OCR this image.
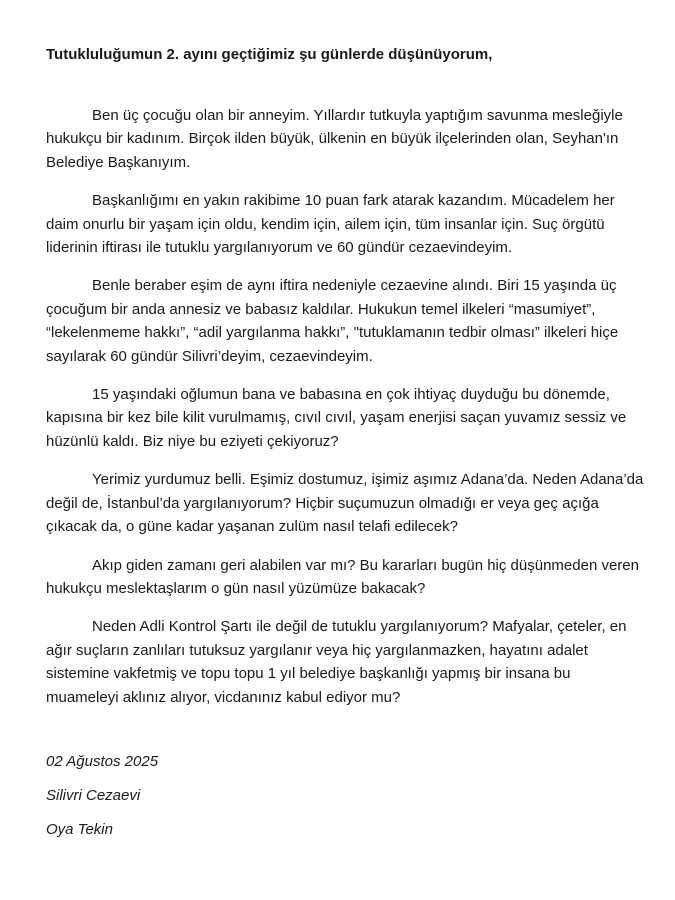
Tutukluluğumun 2. ayını geçtiğimiz şu günlerde düşünüyorum,

Ben üç çocuğu olan bir anneyim. Yıllardır tutkuyla yaptığım savunma mesleğiyle hukukçu bir kadınım. Birçok ilden büyük, ülkenin en büyük ilçelerinden olan, Seyhan'ın Belediye Başkanıyım.

Başkanlığımı en yakın rakibime 10 puan fark atarak kazandım. Mücadelem her daim onurlu bir yaşam için oldu, kendim için, ailem için, tüm insanlar için. Suç örgütü liderinin iftirası ile tutuklu yargılanıyorum ve 60 gündür cezaevindeyim.

Benle beraber eşim de aynı iftira nedeniyle cezaevine alındı. Biri 15 yaşında üç çocuğum bir anda annesiz ve babasız kaldılar. Hukukun temel ilkeleri “masumiyet”, “lekelenmeme hakkı”, “adil yargılanma hakkı”, "tutuklamanın tedbir olması” ilkeleri hiçe sayılarak 60 gündür Silivri’deyim, cezaevindeyim.

15 yaşındaki oğlumun bana ve babasına en çok ihtiyaç duyduğu bu dönemde, kapısına bir kez bile kilit vurulmamış, cıvıl cıvıl, yaşam enerjisi saçan yuvamız sessiz ve hüzünlü kaldı. Biz niye bu eziyeti çekiyoruz?

Yerimiz yurdumuz belli. Eşimiz dostumuz, işimiz aşımız Adana’da. Neden Adana’da değil de, İstanbul’da yargılanıyorum? Hiçbir suçumuzun olmadığı er veya geç açığa çıkacak da, o güne kadar yaşanan zulüm nasıl telafi edilecek?

Akıp giden zamanı geri alabilen var mı? Bu kararları bugün hiç düşünmeden veren hukukçu meslektaşlarım o gün nasıl yüzümüze bakacak?

Neden Adli Kontrol Şartı ile değil de tutuklu yargılanıyorum? Mafyalar, çeteler, en ağır suçların zanlıları tutuksuz yargılanır veya hiç yargılanmazken, hayatını adalet sistemine vakfetmiş ve topu topu 1 yıl belediye başkanlığı yapmış bir insana bu muameleyi aklınız alıyor, vicdanınız kabul ediyor mu?

02 Ağustos 2025
Silivri Cezaevi
Oya Tekin
